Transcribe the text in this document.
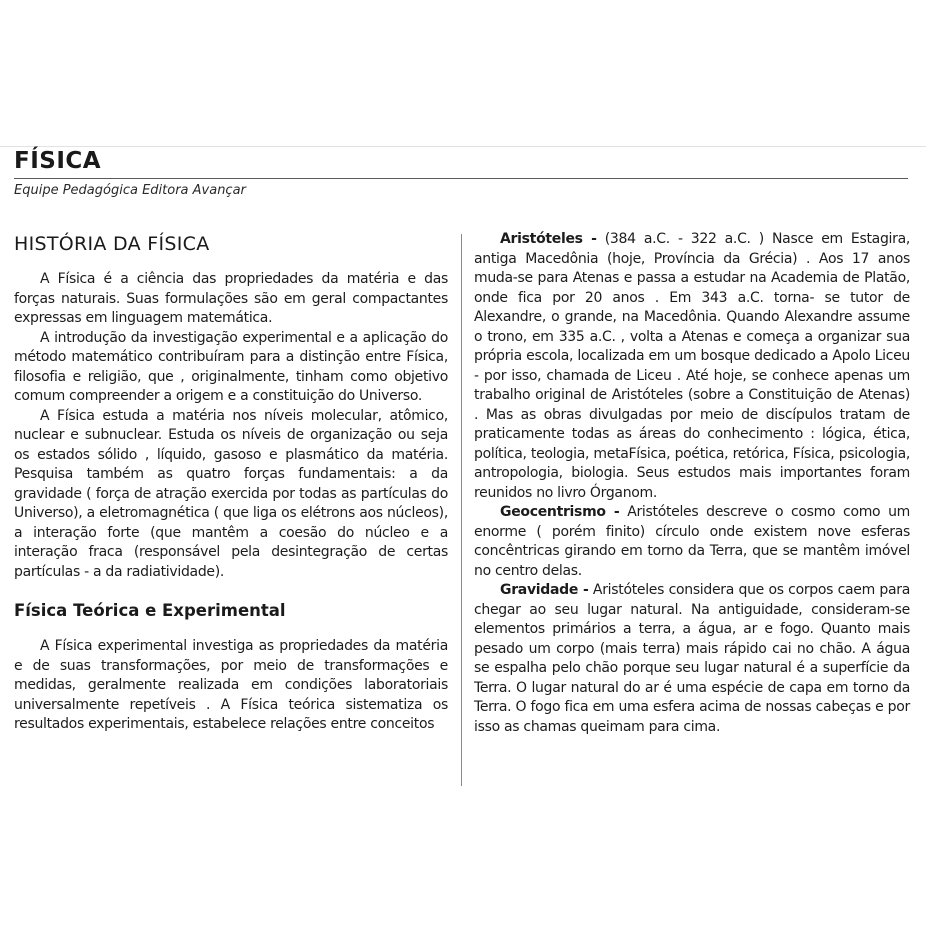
FÍSICA
Equipe Pedagógica Editora Avançar
HISTÓRIA DA FÍSICA

A Física é a ciência das propriedades da matéria e das forças naturais. Suas formulações são em geral compactantes expressas em linguagem matemática.

A introdução da investigação experimental e a aplicação do método matemático contribuíram para a distinção entre Física, filosofia e religião, que , originalmente, tinham como objetivo comum compreender a origem e a constituição do Universo.

A Física estuda a matéria nos níveis molecular, atômico, nuclear e subnuclear. Estuda os níveis de organização ou seja os estados sólido , líquido, gasoso e plasmático da matéria. Pesquisa também as quatro forças fundamentais: a da gravidade ( força de atração exercida por todas as partículas do Universo), a eletromagnética ( que liga os elétrons aos núcleos), a interação forte (que mantêm a coesão do núcleo e a interação fraca (responsável pela desintegração de certas partículas - a da radiatividade).

Física Teórica e Experimental

A Física experimental investiga as propriedades da matéria e de suas transformações, por meio de transformações e medidas, geralmente realizada em condições laboratoriais universalmente repetíveis . A Física teórica sistematiza os resultados experimentais, estabelece relações entre conceitos

Aristóteles - (384 a.C. - 322 a.C. ) Nasce em Estagira, antiga Macedônia (hoje, Província da Grécia) . Aos 17 anos muda-se para Atenas e passa a estudar na Academia de Platão, onde fica por 20 anos . Em 343 a.C. torna- se tutor de Alexandre, o grande, na Macedônia. Quando Alexandre assume o trono, em 335 a.C. , volta a Atenas e começa a organizar sua própria escola, localizada em um bosque dedicado a Apolo Liceu - por isso, chamada de Liceu . Até hoje, se conhece apenas um trabalho original de Aristóteles (sobre a Constituição de Atenas) . Mas as obras divulgadas por meio de discípulos tratam de praticamente todas as áreas do conhecimento : lógica, ética, política, teologia, metaFísica, poética, retórica, Física, psicologia, antropologia, biologia. Seus estudos mais importantes foram reunidos no livro Órganom.

Geocentrismo - Aristóteles descreve o cosmo como um enorme ( porém finito) círculo onde existem nove esferas concêntricas girando em torno da Terra, que se mantêm imóvel no centro delas.

Gravidade - Aristóteles considera que os corpos caem para chegar ao seu lugar natural. Na antiguidade, consideram-se elementos primários a terra, a água, ar e fogo. Quanto mais pesado um corpo (mais terra) mais rápido cai no chão. A água se espalha pelo chão porque seu lugar natural é a superfície da Terra. O lugar natural do ar é uma espécie de capa em torno da Terra. O fogo fica em uma esfera acima de nossas cabeças e por isso as chamas queimam para cima.
